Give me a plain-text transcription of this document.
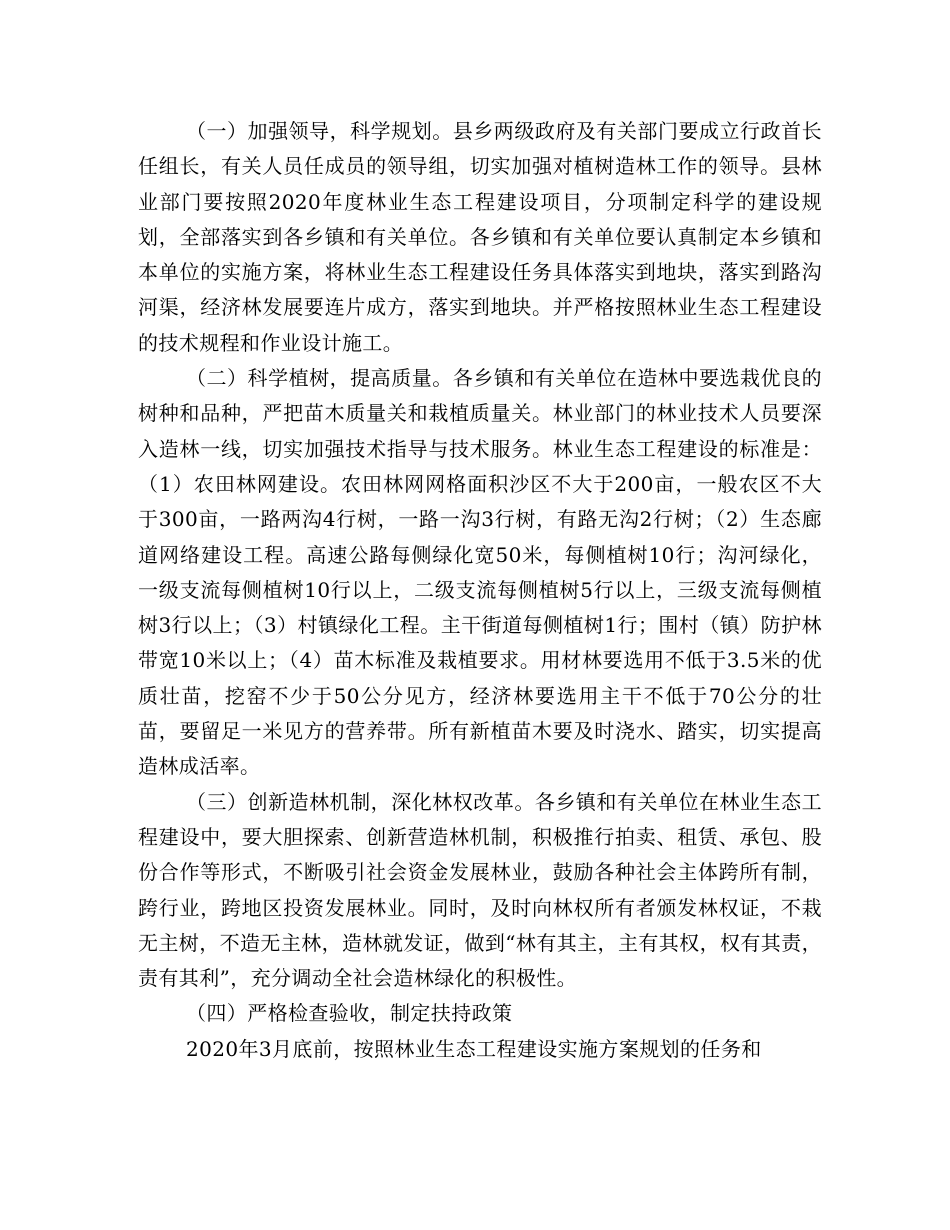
（一）加强领导，科学规划。县乡两级政府及有关部门要成立行政首长任组长，有关人员任成员的领导组，切实加强对植树造林工作的领导。县林业部门要按照2020年度林业生态工程建设项目，分项制定科学的建设规划，全部落实到各乡镇和有关单位。各乡镇和有关单位要认真制定本乡镇和本单位的实施方案，将林业生态工程建设任务具体落实到地块，落实到路沟河渠，经济林发展要连片成方，落实到地块。并严格按照林业生态工程建设的技术规程和作业设计施工。

（二）科学植树，提高质量。各乡镇和有关单位在造林中要选栽优良的树种和品种，严把苗木质量关和栽植质量关。林业部门的林业技术人员要深入造林一线，切实加强技术指导与技术服务。林业生态工程建设的标准是：（1）农田林网建设。农田林网网格面积沙区不大于200亩，一般农区不大于300亩，一路两沟4行树，一路一沟3行树，有路无沟2行树；（2）生态廊道网络建设工程。高速公路每侧绿化宽50米，每侧植树10行；沟河绿化，一级支流每侧植树10行以上，二级支流每侧植树5行以上，三级支流每侧植树3行以上；（3）村镇绿化工程。主干街道每侧植树1行；围村（镇）防护林带宽10米以上；（4）苗木标准及栽植要求。用材林要选用不低于3.5米的优质壮苗，挖窑不少于50公分见方，经济林要选用主干不低于70公分的壮苗，要留足一米见方的营养带。所有新植苗木要及时浇水、踏实，切实提高造林成活率。

（三）创新造林机制，深化林权改革。各乡镇和有关单位在林业生态工程建设中，要大胆探索、创新营造林机制，积极推行拍卖、租赁、承包、股份合作等形式，不断吸引社会资金发展林业，鼓励各种社会主体跨所有制，跨行业，跨地区投资发展林业。同时，及时向林权所有者颁发林权证，不栽无主树，不造无主林，造林就发证，做到“林有其主，主有其权，权有其责，责有其利”，充分调动全社会造林绿化的积极性。

（四）严格检查验收，制定扶持政策

2020年3月底前，按照林业生态工程建设实施方案规划的任务和
